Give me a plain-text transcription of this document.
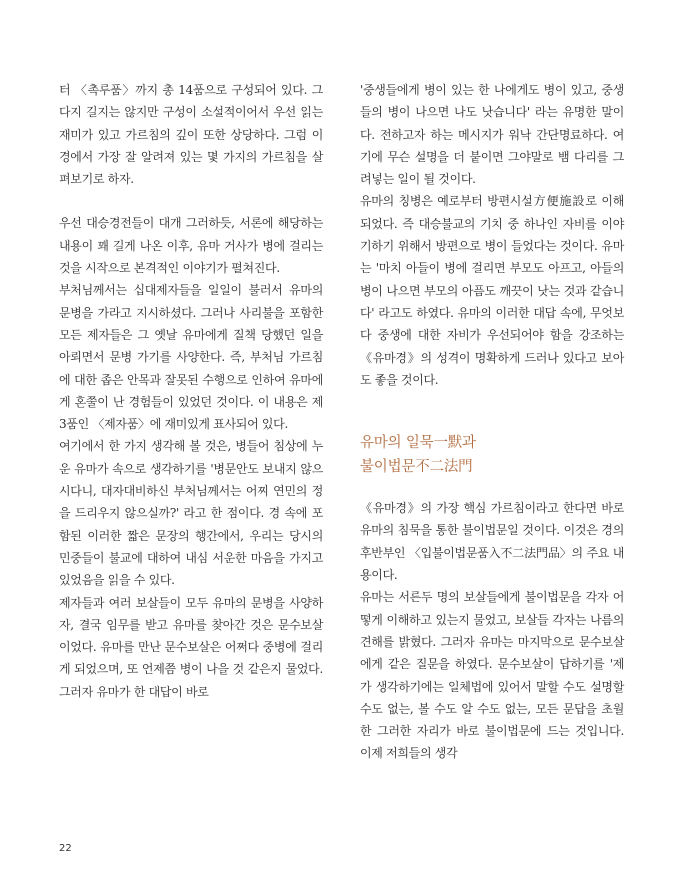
터 〈촉루품〉까지 총 14품으로 구성되어 있다. 그다지 길지는 않지만 구성이 소설적이어서 우선 읽는 재미가 있고 가르침의 깊이 또한 상당하다. 그럼 이 경에서 가장 잘 알려져 있는 몇 가지의 가르침을 살펴보기로 하자.

우선 대승경전들이 대개 그러하듯, 서론에 해당하는 내용이 꽤 길게 나온 이후, 유마 거사가 병에 걸리는 것을 시작으로 본격적인 이야기가 펼쳐진다.

부처님께서는 십대제자들을 일일이 불러서 유마의 문병을 가라고 지시하셨다. 그러나 사리불을 포함한 모든 제자들은 그 옛날 유마에게 질책 당했던 일을 아뢰면서 문병 가기를 사양한다. 즉, 부처님 가르침에 대한 좁은 안목과 잘못된 수행으로 인하여 유마에게 혼쭐이 난 경험들이 있었던 것이다. 이 내용은 제3품인 〈제자품〉에 재미있게 표사되어 있다.

여기에서 한 가지 생각해 볼 것은, 병들어 침상에 누운 유마가 속으로 생각하기를 '병문안도 보내지 않으시다니, 대자대비하신 부처님께서는 어찌 연민의 정을 드리우지 않으실까?' 라고 한 점이다. 경 속에 포함된 이러한 짧은 문장의 행간에서, 우리는 당시의 민중들이 불교에 대하여 내심 서운한 마음을 가지고 있었음을 읽을 수 있다.

제자들과 여러 보살들이 모두 유마의 문병을 사양하자, 결국 임무를 받고 유마를 찾아간 것은 문수보살이었다. 유마를 만난 문수보살은 어쩌다 중병에 걸리게 되었으며, 또 언제쯤 병이 나을 것 같은지 물었다. 그러자 유마가 한 대답이 바로

'중생들에게 병이 있는 한 나에게도 병이 있고, 중생들의 병이 나으면 나도 낫습니다' 라는 유명한 말이다. 전하고자 하는 메시지가 워낙 간단명료하다. 여기에 무슨 설명을 더 붙이면 그야말로 뱀 다리를 그려넣는 일이 될 것이다.

유마의 칭병은 예로부터 방편시설方便施設로 이해되었다. 즉 대승불교의 기치 중 하나인 자비를 이야기하기 위해서 방편으로 병이 들었다는 것이다. 유마는 '마치 아들이 병에 걸리면 부모도 아프고, 아들의 병이 나으면 부모의 아픔도 깨끗이 낫는 것과 같습니다' 라고도 하였다. 유마의 이러한 대답 속에, 무엇보다 중생에 대한 자비가 우선되어야 함을 강조하는 《유마경》의 성격이 명확하게 드러나 있다고 보아도 좋을 것이다.

유마의 일묵一默과
불이법문不二法門

《유마경》의 가장 핵심 가르침이라고 한다면 바로 유마의 침묵을 통한 불이법문일 것이다. 이것은 경의 후반부인 〈입불이법문품入不二法門品〉의 주요 내용이다.

유마는 서른두 명의 보살들에게 불이법문을 각자 어떻게 이해하고 있는지 물었고, 보살들 각자는 나름의 견해를 밝혔다. 그러자 유마는 마지막으로 문수보살에게 같은 질문을 하였다. 문수보살이 답하기를 '제가 생각하기에는 일체법에 있어서 말할 수도 설명할 수도 없는, 볼 수도 알 수도 없는, 모든 문답을 초월한 그러한 자리가 바로 불이법문에 드는 것입니다. 이제 저희들의 생각

22
